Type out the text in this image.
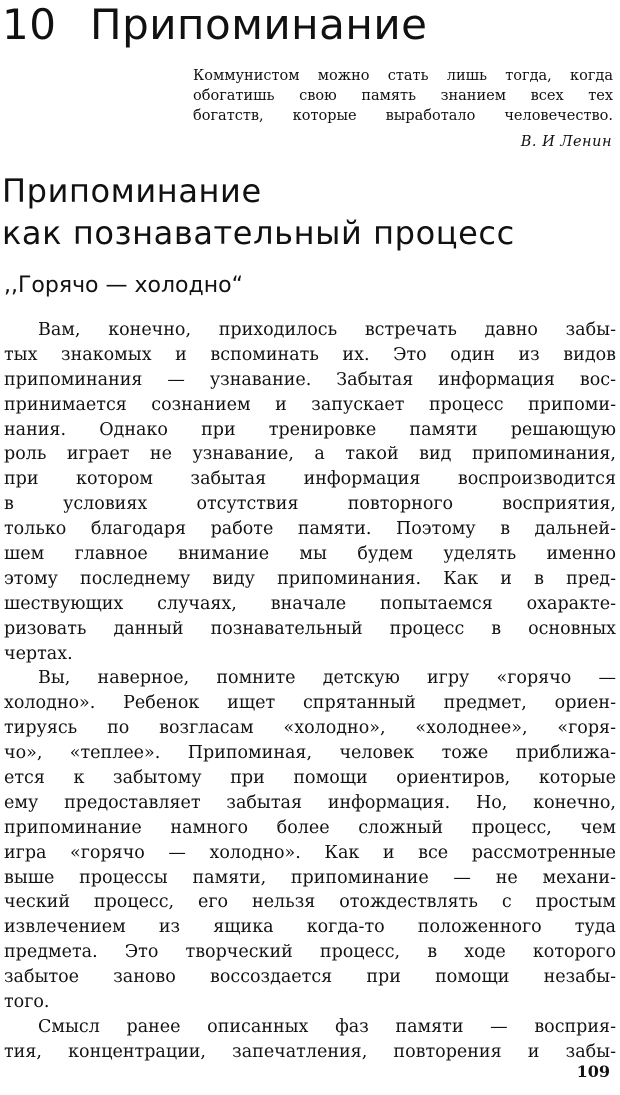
10 Припоминание
Коммунистом можно стать лишь тогда, когда
обогатишь свою память знанием всех тех
богатств, которые выработало человечество.
В. И Ленин
Припоминание
как познавательный процесс
,,Горячо — холодно“
Вам, конечно, приходилось встречать давно забы-
тых знакомых и вспоминать их. Это один из видов
припоминания — узнавание. Забытая информация вос-
принимается сознанием и запускает процесс припоми-
нания. Однако при тренировке памяти решающую
роль играет не узнавание, а такой вид припоминания,
при котором забытая информация воспроизводится
в условиях отсутствия повторного восприятия,
только благодаря работе памяти. Поэтому в дальней-
шем главное внимание мы будем уделять именно
этому последнему виду припоминания. Как и в пред-
шествующих случаях, вначале попытаемся охаракте-
ризовать данный познавательный процесс в основных
чертах.
Вы, наверное, помните детскую игру «горячо —
холодно». Ребенок ищет спрятанный предмет, ориен-
тируясь по возглаcам «холодно», «холоднее», «горя-
чо», «теплее». Припоминая, человек тоже приближа-
ется к забытому при помощи ориентиров, которые
ему предоставляет забытая информация. Но, конечно,
припоминание намного более сложный процесс, чем
игра «горячо — холодно». Как и все рассмотренные
выше процессы памяти, припоминание — не механи-
ческий процесс, его нельзя отождествлять с простым
извлечением из ящика когда-то положенного туда
предмета. Это творческий процесс, в ходе которого
забытое заново воссоздается при помощи незабы-
того.
Смысл ранее описанных фаз памяти — восприя-
тия, концентрации, запечатления, повторения и забы-
109
